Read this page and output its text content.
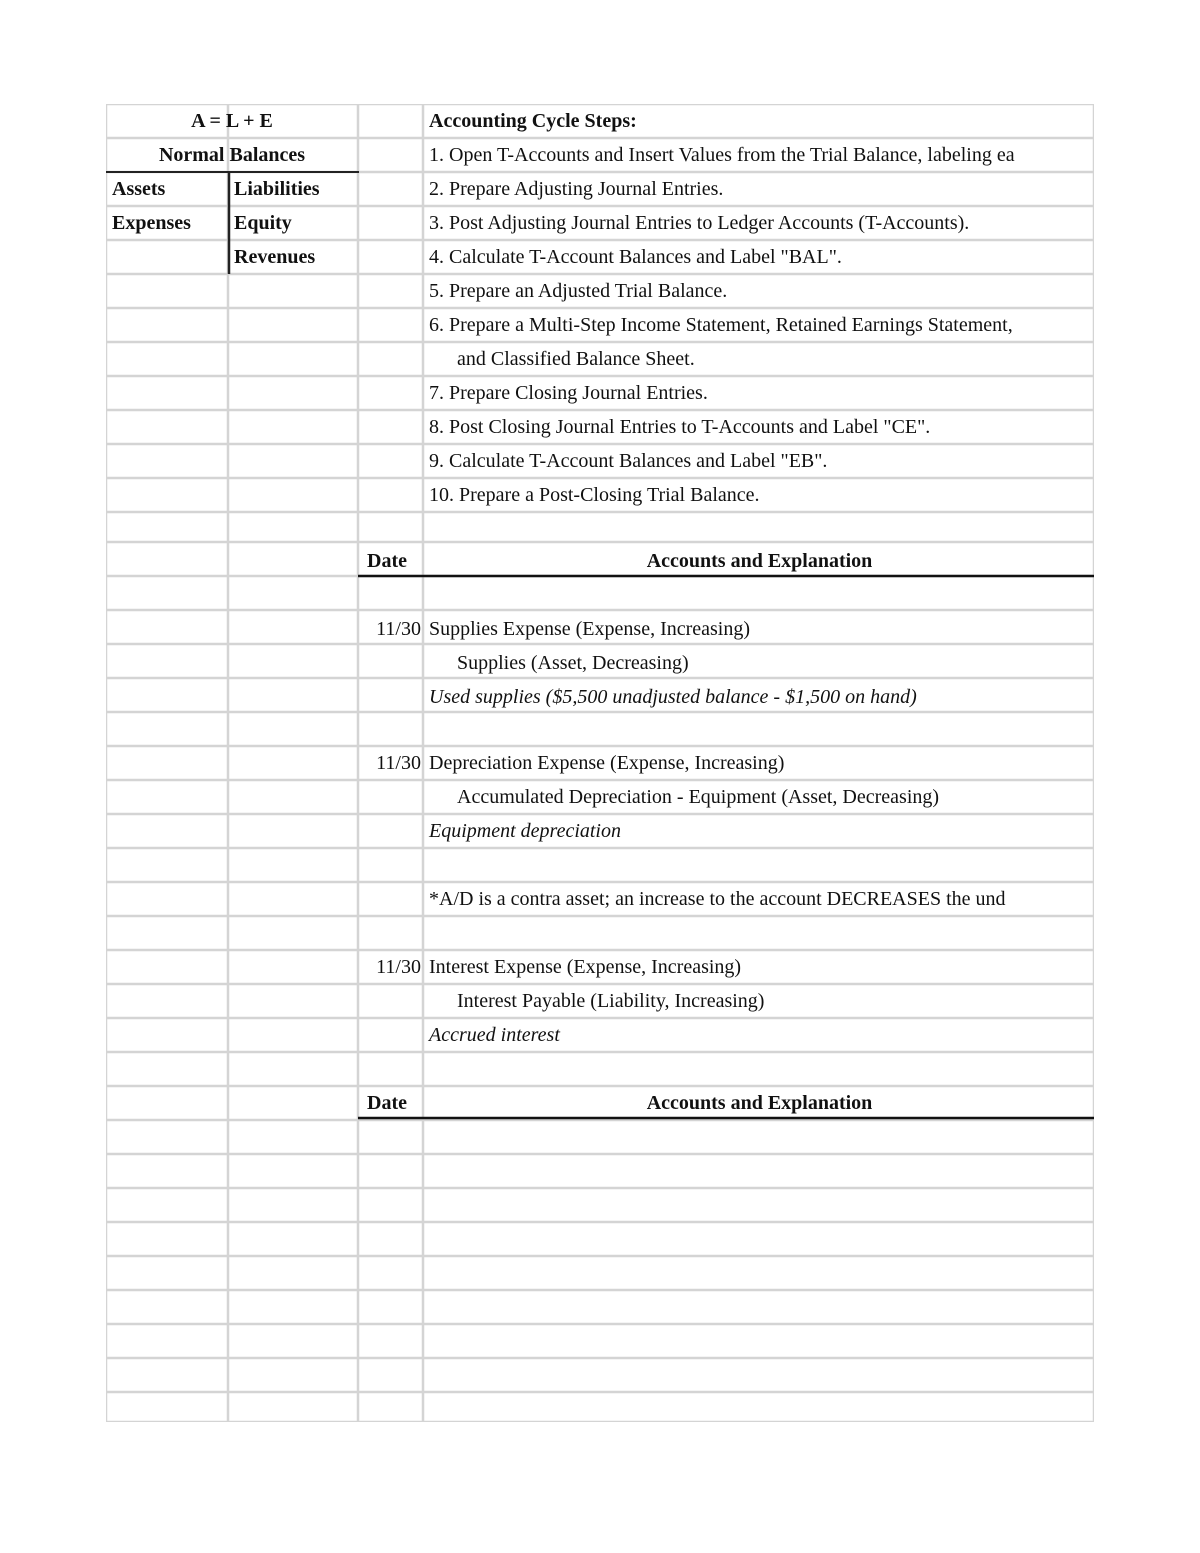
A = L + E
Normal Balances
Assets
Expenses
Liabilities
Equity
Revenues
Accounting Cycle Steps:
1. Open T-Accounts and Insert Values from the Trial Balance, labeling ea
2. Prepare Adjusting Journal Entries.
3. Post Adjusting Journal Entries to Ledger Accounts (T-Accounts).
4. Calculate T-Account Balances and Label "BAL".
5. Prepare an Adjusted Trial Balance.
6. Prepare a Multi-Step Income Statement, Retained Earnings Statement,
and Classified Balance Sheet.
7. Prepare Closing Journal Entries.
8. Post Closing Journal Entries to T-Accounts and Label "CE".
9. Calculate T-Account Balances and Label "EB".
10. Prepare a Post-Closing Trial Balance.
Date	Accounts and Explanation
11/30 Supplies Expense (Expense, Increasing)
Supplies (Asset, Decreasing)
Used supplies ($5,500 unadjusted balance - $1,500 on hand)
11/30 Depreciation Expense (Expense, Increasing)
Accumulated Depreciation - Equipment (Asset, Decreasing)
Equipment depreciation
*A/D is a contra asset; an increase to the account DECREASES the und
11/30 Interest Expense (Expense, Increasing)
Interest Payable (Liability, Increasing)
Accrued interest
Date	Accounts and Explanation
